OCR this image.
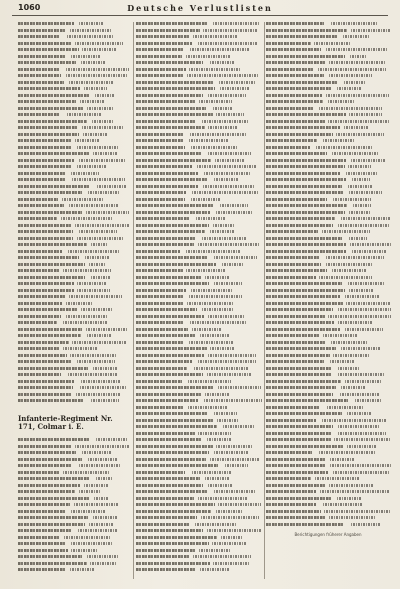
1060	Deutsche Verlustlisten
Infanterie-Regiment Nr. 171, Colmar i. E.
Berichtigungen früherer Angaben
